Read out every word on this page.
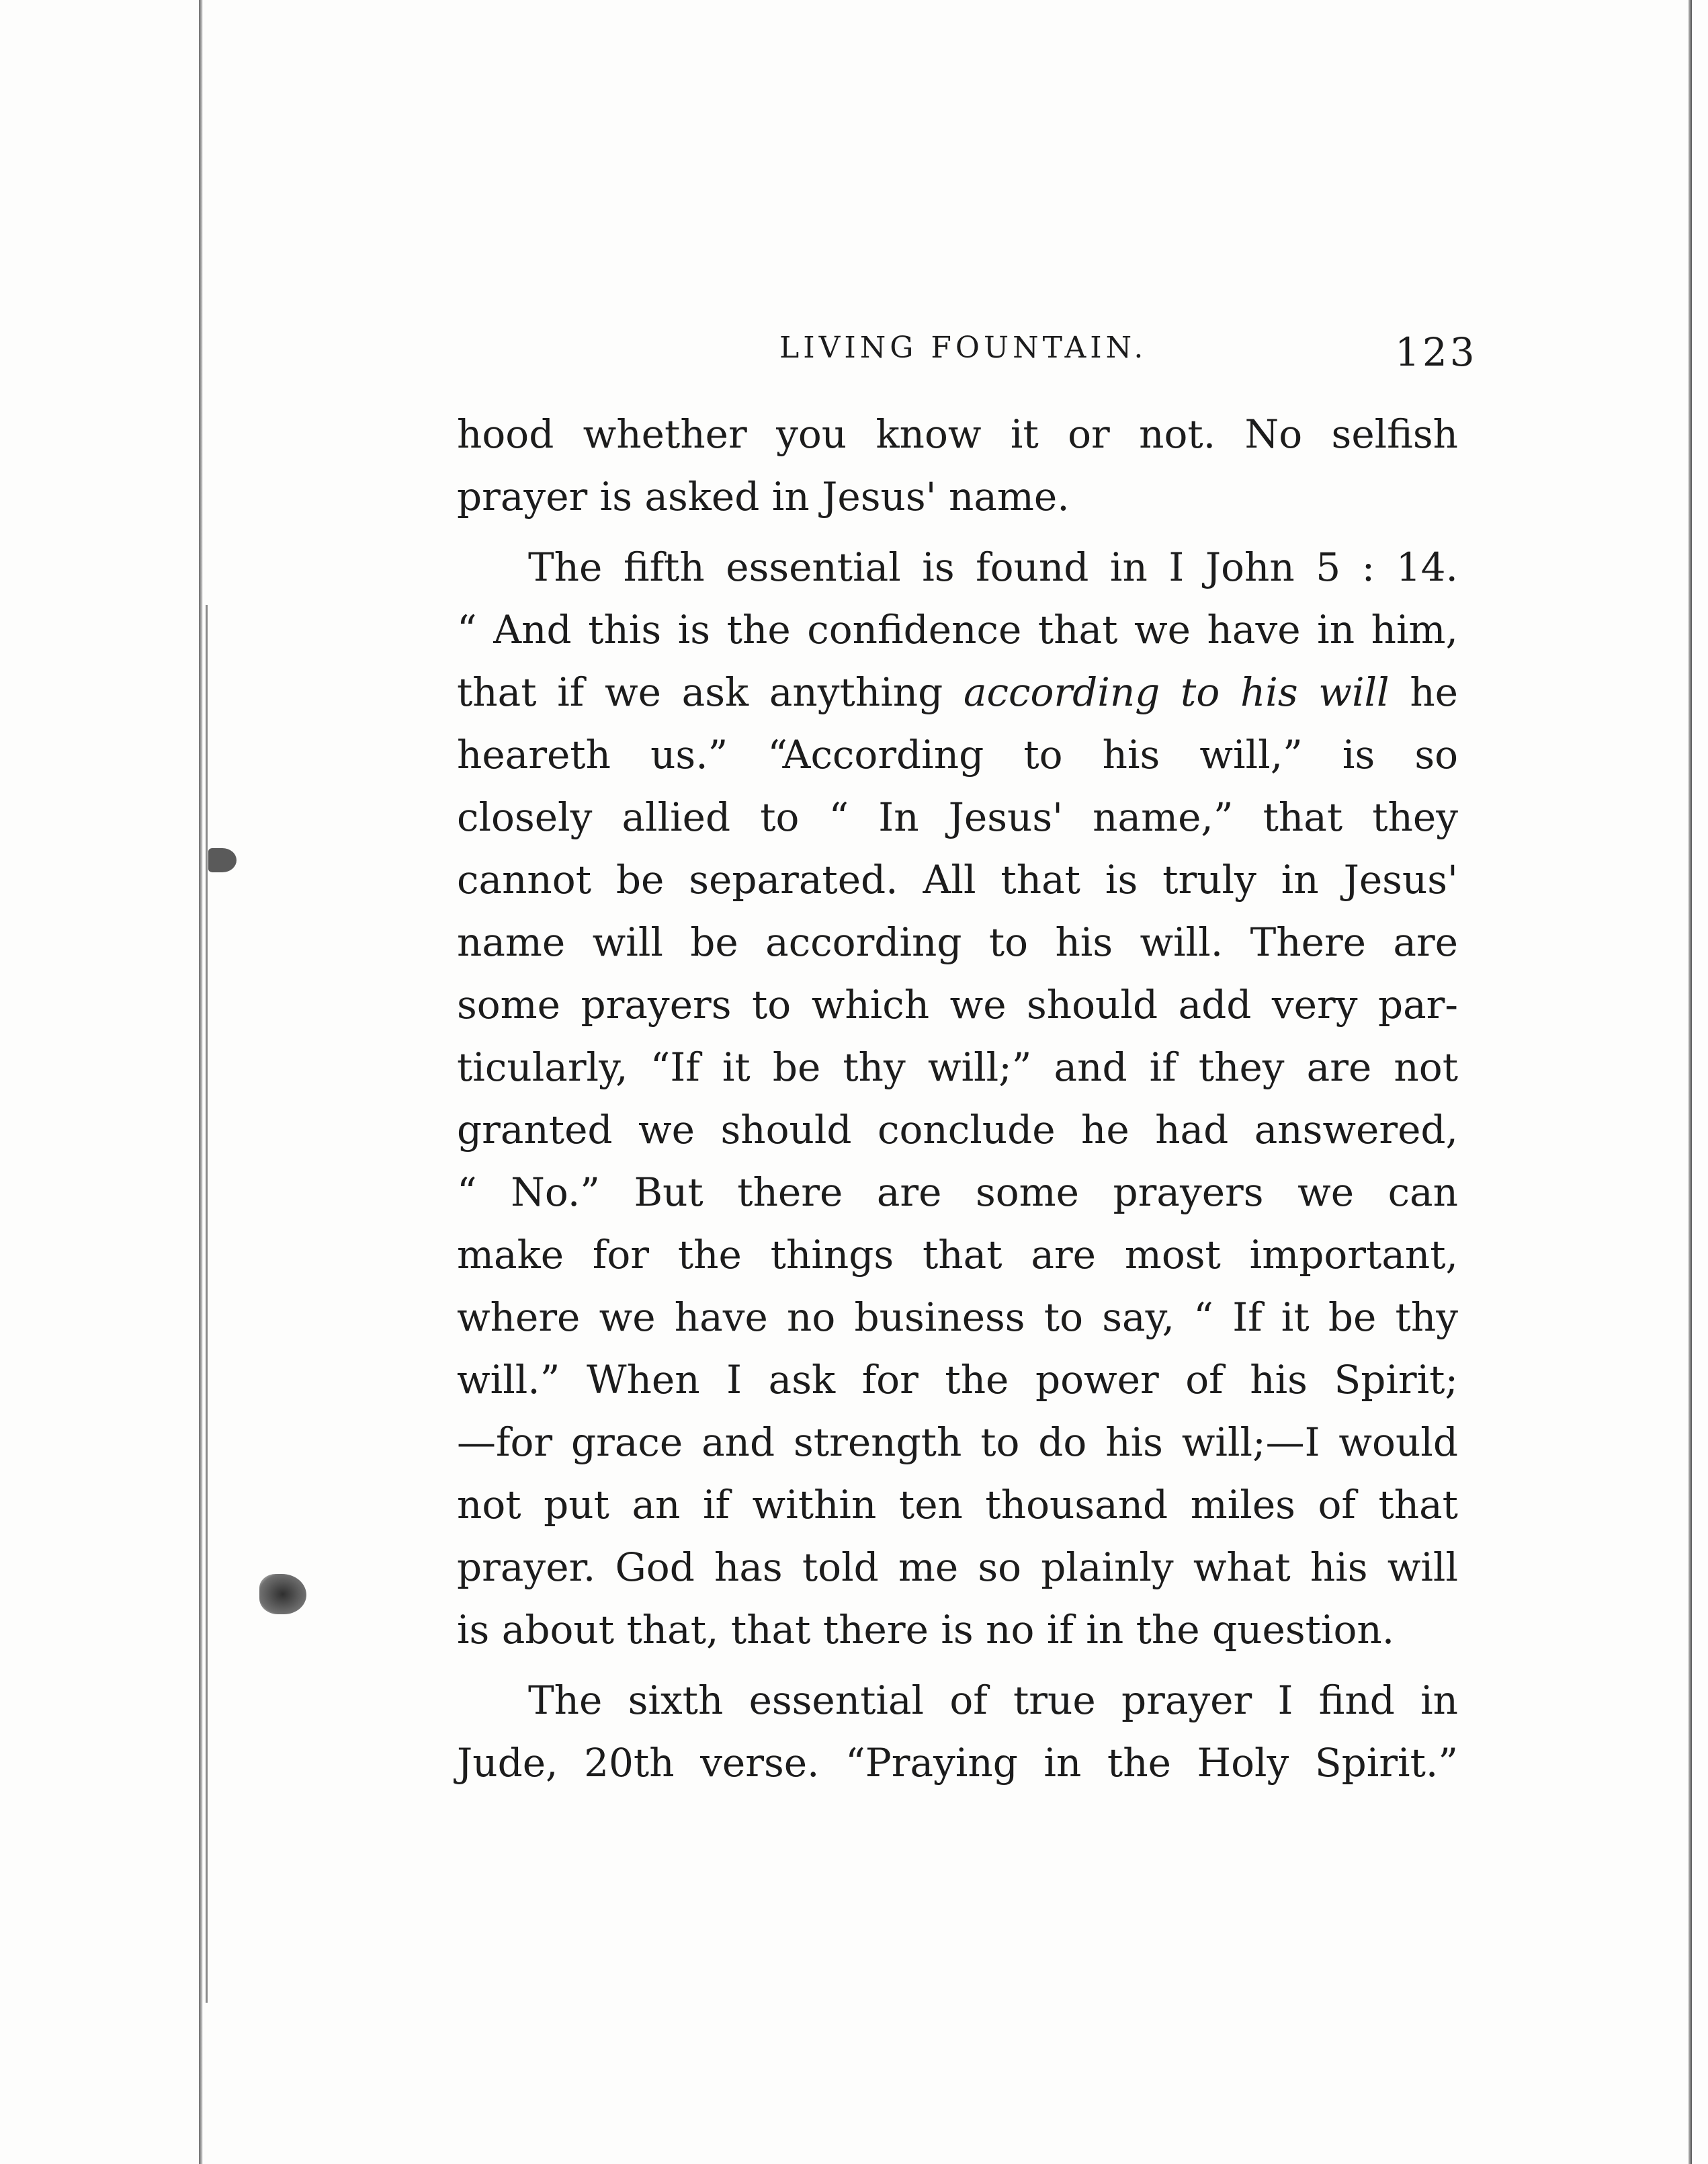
LIVING FOUNTAIN.	123
hood whether you know it or not. No selfish
prayer is asked in Jesus' name.
The fifth essential is found in I John 5 : 14.
“ And this is the confidence that we have in him,
that if we ask anything according to his will he
heareth us.” “According to his will,” is so
closely allied to “ In Jesus' name,” that they
cannot be separated. All that is truly in Jesus'
name will be according to his will. There are
some prayers to which we should add very par-
ticularly, “If it be thy will;” and if they are not
granted we should conclude he had answered,
“ No.” But there are some prayers we can
make for the things that are most important,
where we have no business to say, “ If it be thy
will.” When I ask for the power of his Spirit;
—for grace and strength to do his will;—I would
not put an if within ten thousand miles of that
prayer. God has told me so plainly what his will
is about that, that there is no if in the question.
The sixth essential of true prayer I find in
Jude, 20th verse. “Praying in the Holy Spirit.”
